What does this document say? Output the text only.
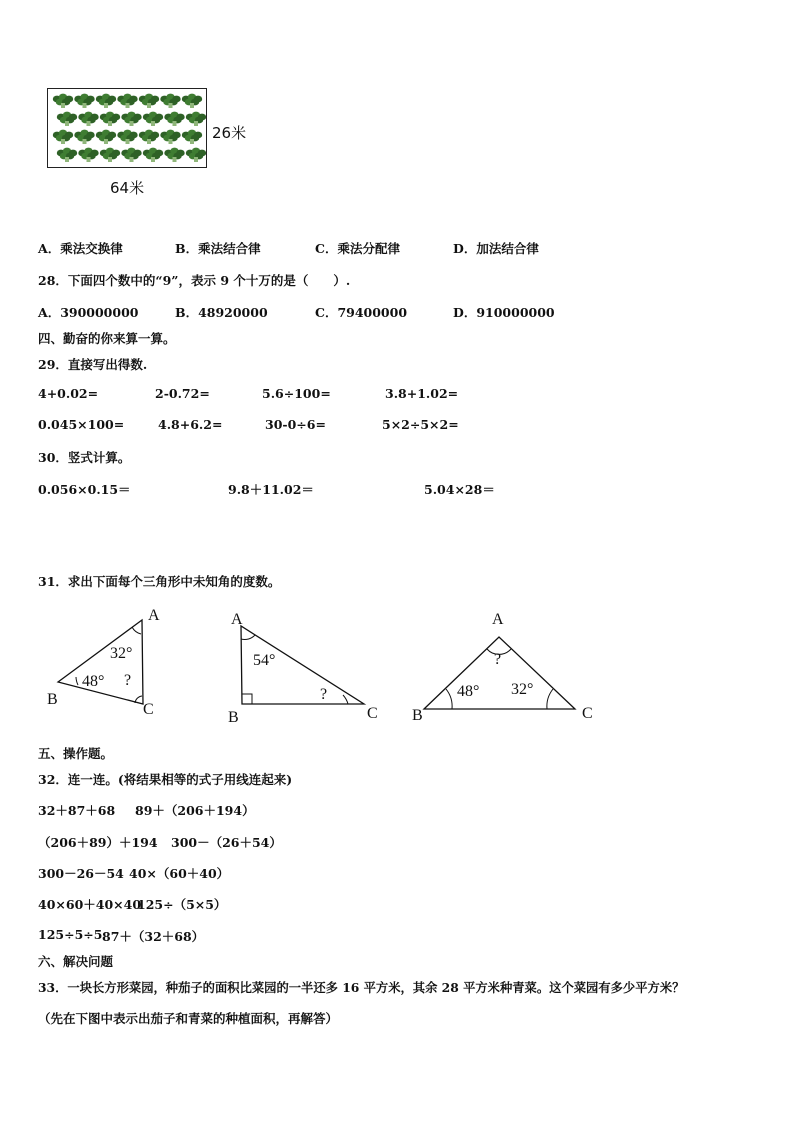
26米
64米
A．乘法交换律	B．乘法结合律	C．乘法分配律	D．加法结合律
28．下面四个数中的“9”，表示 9 个十万的是（　　）.
A．390000000	B．48920000	C．79400000	D．910000000
四、勤奋的你来算一算。
29．直接写出得数.
4+0.02=	2-0.72=	5.6÷100=	3.8+1.02=
0.045×100=	4.8+6.2=	30-0÷6=	5×2÷5×2=
30．竖式计算。
0.056×0.15＝	9.8＋11.02＝	5.04×28＝
31．求出下面每个三角形中未知角的度数。
A
B
C
32°
48° ?
A
B	C
54°
?
A
B	C
?
48° 32°
五、操作题。
32．连一连。(将结果相等的式子用线连起来)
32＋87＋68 89＋（206＋194）
（206＋89）＋194 300－（26＋54）
300－26－54 40×（60＋40）
40×60＋40×40
125÷（5×5）
125÷5÷5 87＋（32＋68）
六、解决问题
33．一块长方形菜园，种茄子的面积比菜园的一半还多 16 平方米，其余 28 平方米种青菜。这个菜园有多少平方米？
（先在下图中表示出茄子和青菜的种植面积，再解答）
